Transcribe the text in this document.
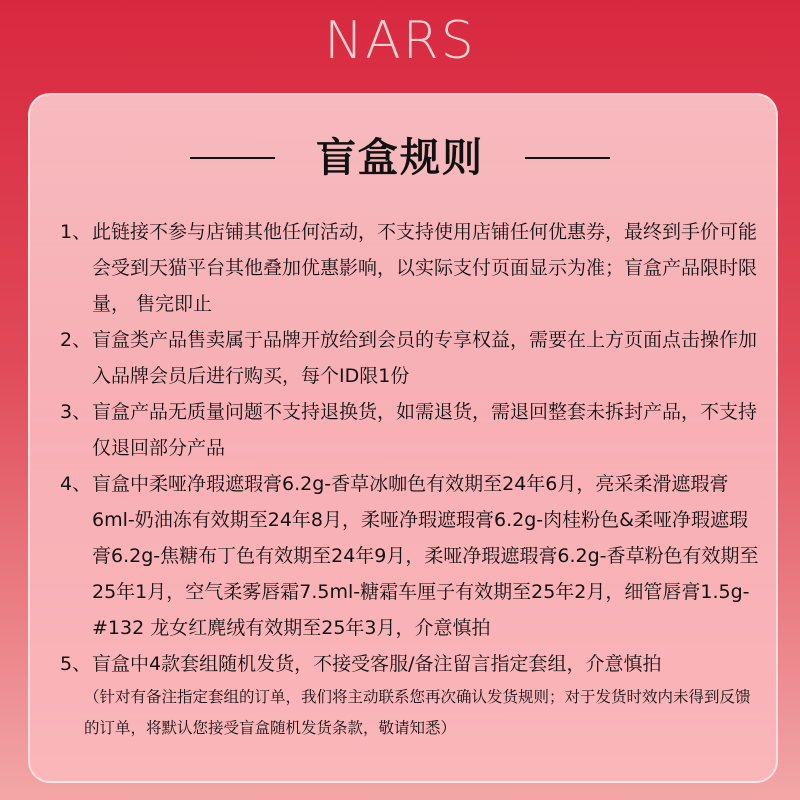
NARS
盲盒规则
1、 此链接不参与店铺其他任何活动，不支持使用店铺任何优惠券，最终到手价可能会受到天猫平台其他叠加优惠影响，以实际支付页面显示为准；盲盒产品限时限量， 售完即止
2、 盲盒类产品售卖属于品牌开放给到会员的专享权益，需要在上方页面点击操作加入品牌会员后进行购买，每个ID限1份
3、 盲盒产品无质量问题不支持退换货，如需退货，需退回整套未拆封产品，不支持仅退回部分产品
4、 盲盒中柔哑净瑕遮瑕膏6.2g-香草冰咖色有效期至24年6月，亮采柔滑遮瑕膏6ml-奶油冻有效期至24年8月，柔哑净瑕遮瑕膏6.2g-肉桂粉色&柔哑净瑕遮瑕膏6.2g-焦糖布丁色有效期至24年9月，柔哑净瑕遮瑕膏6.2g-香草粉色有效期至25年1月，空气柔雾唇霜7.5ml-糖霜车厘子有效期至25年2月，细管唇膏1.5g-#132 龙女红麂绒有效期至25年3月，介意慎拍
5、 盲盒中4款套组随机发货，不接受客服/备注留言指定套组，介意慎拍
（针对有备注指定套组的订单，我们将主动联系您再次确认发货规则；对于发货时效内未得到反馈的订单，将默认您接受盲盒随机发货条款，敬请知悉）
